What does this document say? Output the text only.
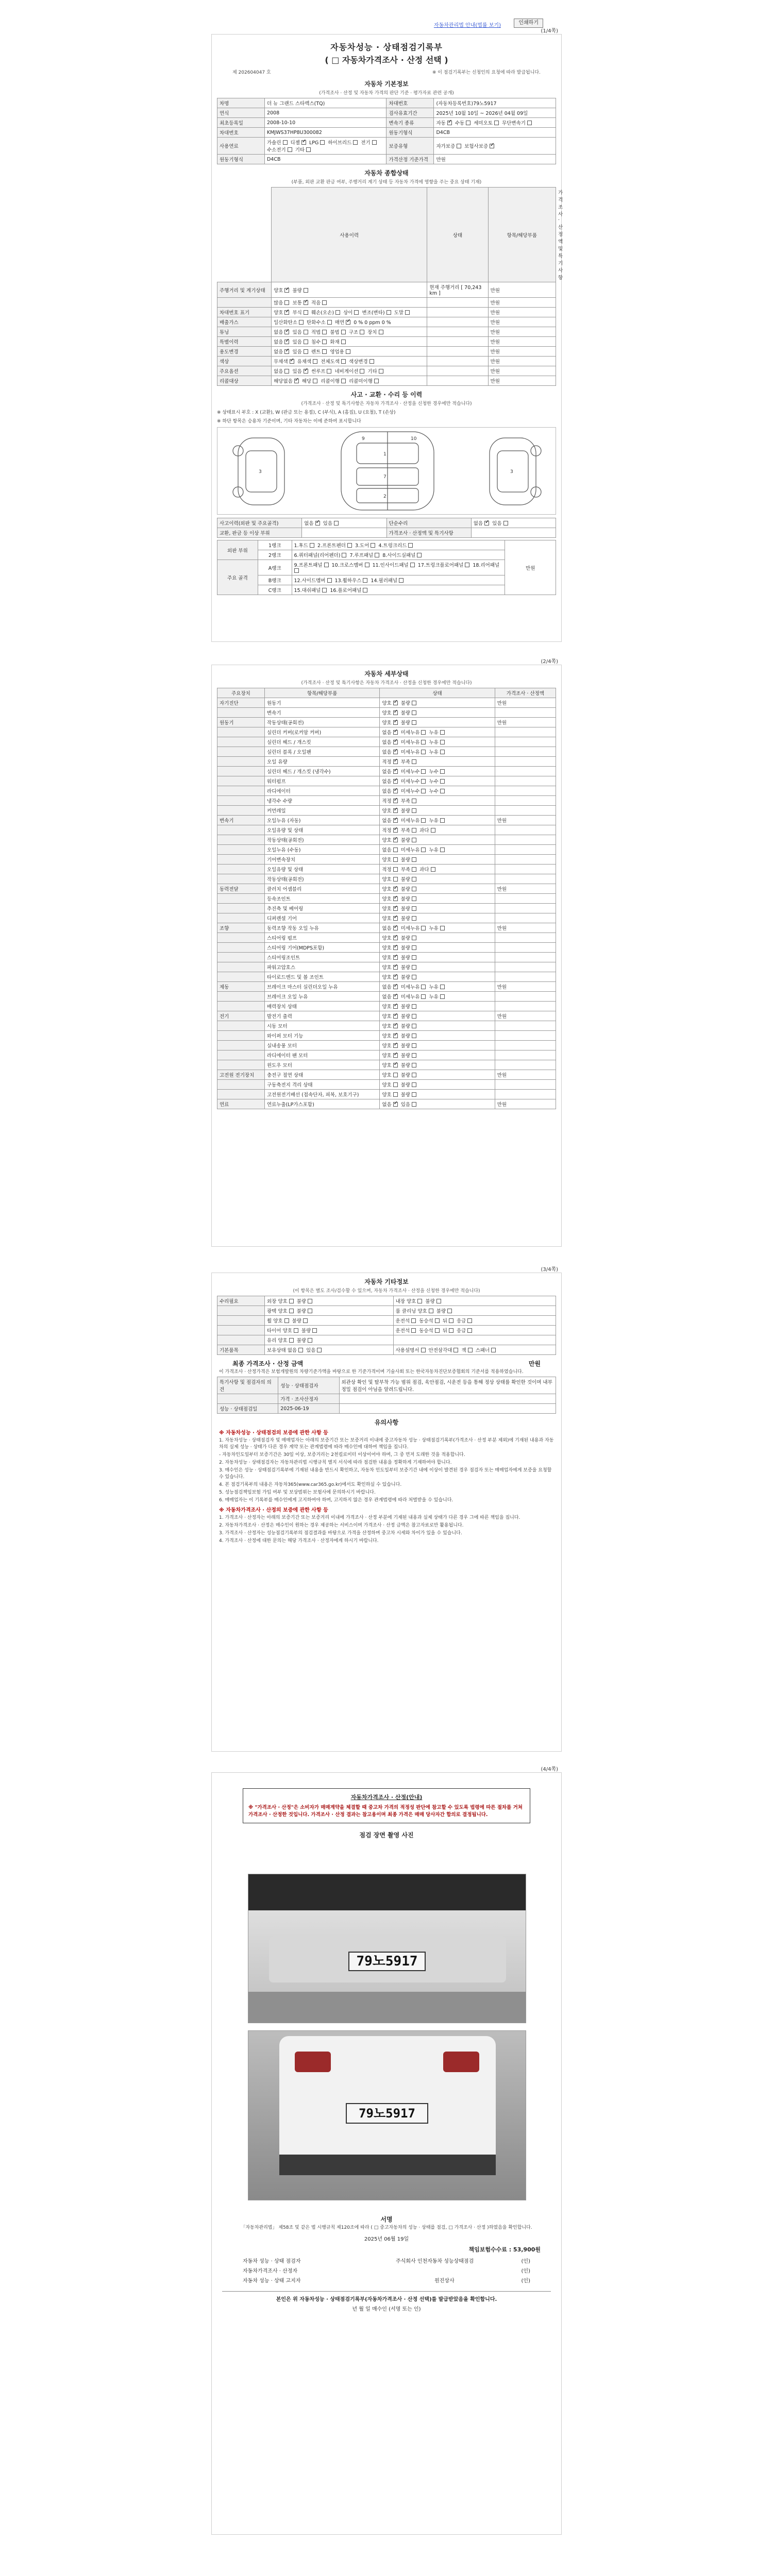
자동차관리법 안내(법률 보기)	인쇄하기
(1/4쪽)
자동차성능 · 상태점검기록부
( □ 자동차가격조사 · 산정 선택 )
제 202604047 호	※ 이 점검기록부는 신청인의 요청에 따라 발급됩니다.
자동차 기본정보
(가격조사 · 산정 및 자동차 가격의 판단 기준 · 평가자료 관련 공개)
차명	더 뉴 그랜드 스타렉스(TQ)	차대번호	(자동차등록번호)79노5917
연식	2008	검사유효기간	2025년 10월 10일 ~ 2026년 04월 09일
최초등록일	2008-10-10	변속기 종류	자동 ✓ 수동  세미오토  무단변속기
차대번호	KMJWS37HP8U300082	원동기형식	D4CB
사용연료	가솔린  디젤 ✓ LPG  하이브리드  전기  수소전기  기타	보증유형	자가보증  보험사보증 ✓
원동기형식	D4CB	가격산정 기준가격	만원
자동차 종합상태
(부품, 외판 교환 판금 여부, 주행거리 계기 상태 등 자동차 가격에 영향을 주는 중요 상태 기재)
사용이력	상태	항목/해당부품	가격조사 · 산정액 및 특기사항
주행거리 및 계기상태	양호 ✓ 불량	현재 주행거리 [ 70,243 km ]	만원
	많음  보통 ✓ 적음		만원
차대번호 표기	양호 ✓ 부식  훼손(오손)  상이  변조(변타)  도말		만원
배출가스	일산화탄소  탄화수소  매연 ✓ 0 % 0 ppm 0 %		만원
튜닝	없음 ✓ 있음  적법  불법  구조  장치		만원
특별이력	없음 ✓ 있음  침수  화재		만원
용도변경	없음 ✓ 있음  렌트  영업용		만원
색상	무채색 ✓ 유채색  전체도색  색상변경		만원
주요옵션	없음  있음 ✓ 썬루프  네비게이션  기타		만원
리콜대상	해당없음 ✓ 해당  리콜이행  리콜미이행		만원
사고 · 교환 · 수리 등 이력
(가격조사 · 산정 및 특기사항은 자동차 가격조사 · 산정을 신청한 경우에만 적습니다)
※ 상태표시 부호 : X (교환), W (판금 또는 용접), C (부식), A (흠집), U (요철), T (손상)
※ 하단 항목은 승용차 기준이며, 기타 자동차는 이에 준하여 표시합니다
1
7
2
9	10
3	3
사고이력(외판 및 주요골격)	없음 ✓ 있음	단순수리	없음 ✓ 있음
교환, 판금 등 이상 부위		가격조사 · 산정액 및 특기사항	
외판 부위	1랭크	1.후드  2.프론트펜더  3.도어  4.트렁크리드	만원
	2랭크	6.쿼터패널(리어펜더)  7.루프패널  8.사이드실패널	
주요 골격	A랭크	9.프론트패널  10.크로스멤버  11.인사이드패널  17.트렁크플로어패널  18.리어패널	
	B랭크	12.사이드멤버  13.휠하우스  14.필러패널	
	C랭크	15.대쉬패널  16.플로어패널	
(2/4쪽)
자동차 세부상태
(가격조사 · 산정 및 특기사항은 자동차 가격조사 · 산정을 신청한 경우에만 적습니다)
주요장치	항목/해당부품	상태	가격조사 · 산정액
자기진단	원동기	양호 ✓ 불량	만원
	변속기	양호 ✓ 불량	
원동기	작동상태(공회전)	양호 ✓ 불량	만원
	실린더 커버(로커암 커버)	없음 ✓ 미세누유  누유	
	실린더 헤드 / 개스킷	없음 ✓ 미세누유  누유	
	실린더 블록 / 오일팬	없음 ✓ 미세누유  누유	
	오일 유량	적정 ✓ 부족	
	실린더 헤드 / 개스킷 (냉각수)	없음 ✓ 미세누수  누수	
	워터펌프	없음 ✓ 미세누수  누수	
	라디에이터	없음 ✓ 미세누수  누수	
	냉각수 수량	적정 ✓ 부족	
	커먼레일	양호 ✓ 불량	
변속기	오일누유 (자동)	없음 ✓ 미세누유  누유	만원
	오일유량 및 상태	적정 ✓ 부족  과다	
	작동상태(공회전)	양호 ✓ 불량	
	오일누유 (수동)	없음  미세누유  누유	
	기어변속장치	양호  불량	
	오일유량 및 상태	적정  부족  과다	
	작동상태(공회전)	양호  불량	
동력전달	클러치 어셈블리	양호 ✓ 불량	만원
	등속조인트	양호 ✓ 불량	
	추진축 및 베어링	양호 ✓ 불량	
	디퍼렌셜 기어	양호 ✓ 불량	
조향	동력조향 작동 오일 누유	없음 ✓ 미세누유  누유	만원
	스티어링 펌프	양호 ✓ 불량	
	스티어링 기어(MDPS포함)	양호 ✓ 불량	
	스티어링조인트	양호 ✓ 불량	
	파워고압호스	양호 ✓ 불량	
	타이로드엔드 및 볼 조인트	양호 ✓ 불량	
제동	브레이크 마스터 실린더오일 누유	없음 ✓ 미세누유  누유	만원
	브레이크 오일 누유	없음 ✓ 미세누유  누유	
	배력장치 상태	양호 ✓ 불량	
전기	발전기 출력	양호 ✓ 불량	만원
	시동 모터	양호 ✓ 불량	
	와이퍼 모터 기능	양호 ✓ 불량	
	실내송풍 모터	양호 ✓ 불량	
	라디에이터 팬 모터	양호 ✓ 불량	
	윈도우 모터	양호 ✓ 불량	
고전원 전기장치	충전구 절연 상태	양호  불량	만원
	구동축전지 격리 상태	양호  불량	
	고전원전기배선 (접속단자, 피복, 보호기구)	양호  불량	
연료	연료누출(LP가스포함)	없음 ✓ 있음	만원
(3/4쪽)
자동차 기타정보
(이 항목은 별도 조사/검수할 수 있으며, 자동차 가격조사 · 산정을 신청한 경우에만 적습니다)
수리필요	외장 양호  불량	내장 양호  불량
	광택 양호  불량	룸 클리닝 양호  불량
	휠 양호  불량	운전석  동승석  뒤  응급
	타이어 양호  불량	운전석  동승석  뒤  응급
	유리 양호  불량	
기본품목	보유상태 없음  있음	사용설명서  안전삼각대  잭  스패너
최종 가격조사 · 산정 금액	만원

이 가격조사 · 산정가격은 보험개발원의 차량기준가액을 바탕으로 한 기준가격이며 기술사회 또는 한국자동차진단보증협회의 기준서를 적용하였습니다.

특기사항 및 점검자의 의견	성능 · 상태점검자	외관상 확인 및 탈부착 가능 범위 점검, 육안점검, 시운전 등을 통해 정상 상태를 확인한 것이며 내부 정밀 점검이 아님을 알려드립니다.
	가격 · 조사산정자	
성능 · 상태점검일	2025-06-19	
유의사항

※ 자동차성능 · 상태점검의 보증에 관한 사항 등

1. 자동차성능 · 상태점검자 및 매매업자는 아래의 보증기간 또는 보증거리 이내에 중고자동차 성능 · 상태점검기록부(가격조사 · 산정 부분 제외)에 기재된 내용과 자동차의 실제 성능 · 상태가 다른 경우 계약 또는 관계법령에 따라 매수인에 대하여 책임을 집니다.

- 자동차인도일부터 보증기간은 30일 이상, 보증거리는 2천킬로미터 이상이어야 하며, 그 중 먼저 도래한 것을 적용합니다.

2. 자동차성능 · 상태점검자는 자동차관리법 시행규칙 별지 서식에 따라 점검한 내용을 정확하게 기재하여야 합니다.

3. 매수인은 성능 · 상태점검기록부에 기재된 내용을 반드시 확인하고, 자동차 인도일부터 보증기간 내에 이상이 발견된 경우 점검자 또는 매매업자에게 보증을 요청할 수 있습니다.

4. 본 점검기록부의 내용은 자동차365(www.car365.go.kr)에서도 확인하실 수 있습니다.

5. 성능점검책임보험 가입 여부 및 보상범위는 보험사에 문의하시기 바랍니다.

6. 매매업자는 이 기록부를 매수인에게 고지하여야 하며, 고지하지 않은 경우 관계법령에 따라 처벌받을 수 있습니다.

※ 자동차가격조사 · 산정의 보증에 관한 사항 등

1. 가격조사 · 산정자는 아래의 보증기간 또는 보증거리 이내에 가격조사 · 산정 부분에 기재된 내용과 실제 상태가 다른 경우 그에 따른 책임을 집니다.

2. 자동차가격조사 · 산정은 매수인이 원하는 경우 제공하는 서비스이며 가격조사 · 산정 금액은 참고자료로만 활용됩니다.

3. 가격조사 · 산정자는 성능점검기록부의 점검결과를 바탕으로 가격을 산정하며 중고차 시세와 차이가 있을 수 있습니다.

4. 가격조사 · 산정에 대한 문의는 해당 가격조사 · 산정자에게 하시기 바랍니다.

(4/4쪽)
자동차가격조사 · 산정(안내)
※ "가격조사 · 산정"은 소비자가 매매계약을 체결할 때 중고차 가격의 적정성 판단에 참고할 수 있도록 법령에 따른 절차를 거쳐 가격조사 · 산정한 것입니다. 가격조사 · 산정 결과는 참고용이며 최종 가격은 매매 당사자간 합의로 결정됩니다.
점검 장면 촬영 사진
79노5917
79노5917
서명

「자동차관리법」 제58조 및 같은 법 시행규칙 제120조에 따라 ( □ 중고자동차의 성능 · 상태를 점검, □ 가격조사 · 산정 )하였음을 확인합니다.

2025년 06월 19일
책임보험수수료 : 53,900원
자동차 성능 · 상태 점검자	주식회사 인천자동차 성능상태점검	(인)
자동차가격조사 · 산정자	(인)
자동차 성능 · 상태 고지자	원진상사	(인)
본인은 위 자동차성능 · 상태점검기록부(자동차가격조사 · 산정 선택)를 발급받았음을 확인합니다.
년 월 일 매수인 (서명 또는 인)
